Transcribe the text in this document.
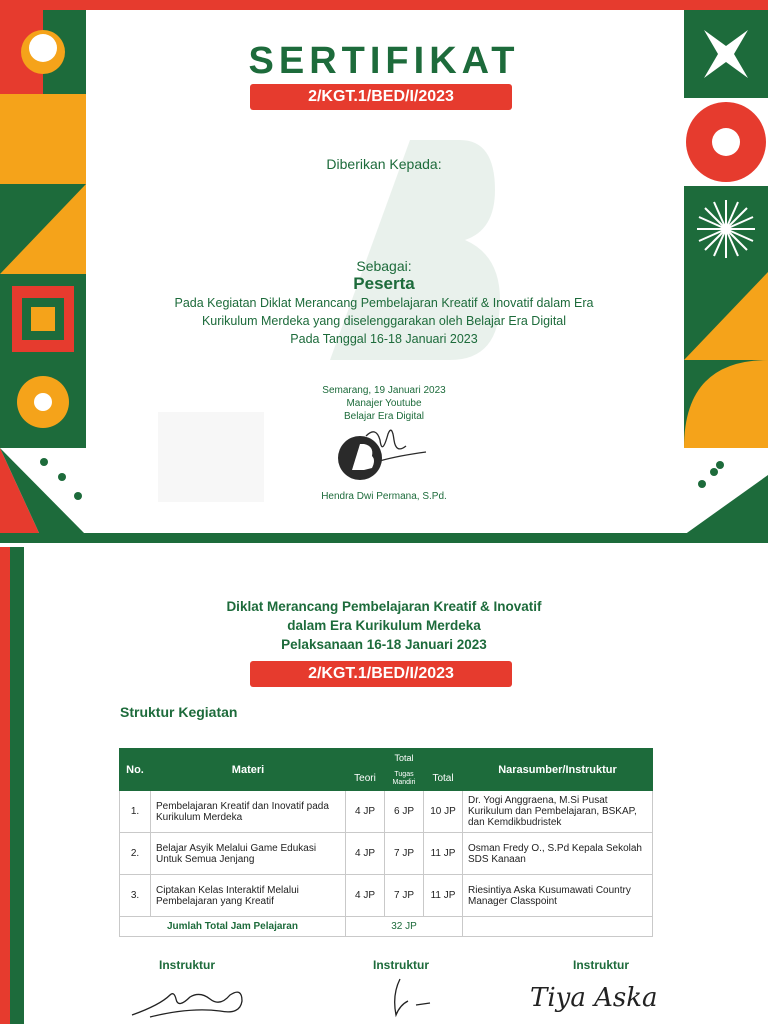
SERTIFIKAT
2/KGT.1/BED/I/2023
Diberikan Kepada:
Sebagai:
Peserta
Pada Kegiatan Diklat Merancang Pembelajaran Kreatif & Inovatif dalam Era
Kurikulum Merdeka yang diselenggarakan oleh Belajar Era Digital
Pada Tanggal 16-18 Januari 2023
Semarang, 19 Januari 2023
Manajer Youtube
Belajar Era Digital
Hendra Dwi Permana, S.Pd.
Diklat Merancang Pembelajaran Kreatif & Inovatif
dalam Era Kurikulum Merdeka
Pelaksanaan 16-18 Januari 2023
2/KGT.1/BED/I/2023
Struktur Kegiatan
No.	Materi	Total			Narasumber/Instruktur
		Teori	Tugas Mandiri	Total	
1.	Pembelajaran Kreatif dan Inovatif pada Kurikulum Merdeka	4 JP	6 JP	10 JP	Dr. Yogi Anggraena, M.Si Pusat Kurikulum dan Pembelajaran, BSKAP, dan Kemdikbudristek
2.	Belajar Asyik Melalui Game Edukasi Untuk Semua Jenjang	4 JP	7 JP	11 JP	Osman Fredy O., S.Pd Kepala Sekolah SDS Kanaan
3.	Ciptakan Kelas Interaktif Melalui Pembelajaran yang Kreatif	4 JP	7 JP	11 JP	Riesintiya Aska Kusumawati Country Manager Classpoint
Jumlah Total Jam Pelajaran		32 JP			
Instruktur	Instruktur	Instruktur
Tiya Aska
